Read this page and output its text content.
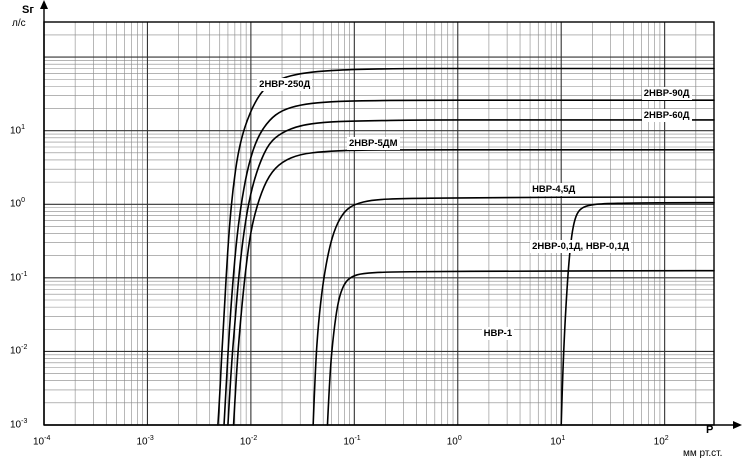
Sг
л/с
P
мм рт.ст.
$10^{-4}$	$10^{-3}$	$10^{-2}$	$10^{-1}$	$10^0$	$10^1$	$10^2$
$10^{-3}$
$10^{-2}$
$10^{-1}$
$10^0$
$10^1$
2НВР-250Д
2НВР-90Д
2НВР-60Д
2НВР-5ДМ
НВР-4,5Д
2НВР-0,1Д, НВР-0,1Д
НВР-1
